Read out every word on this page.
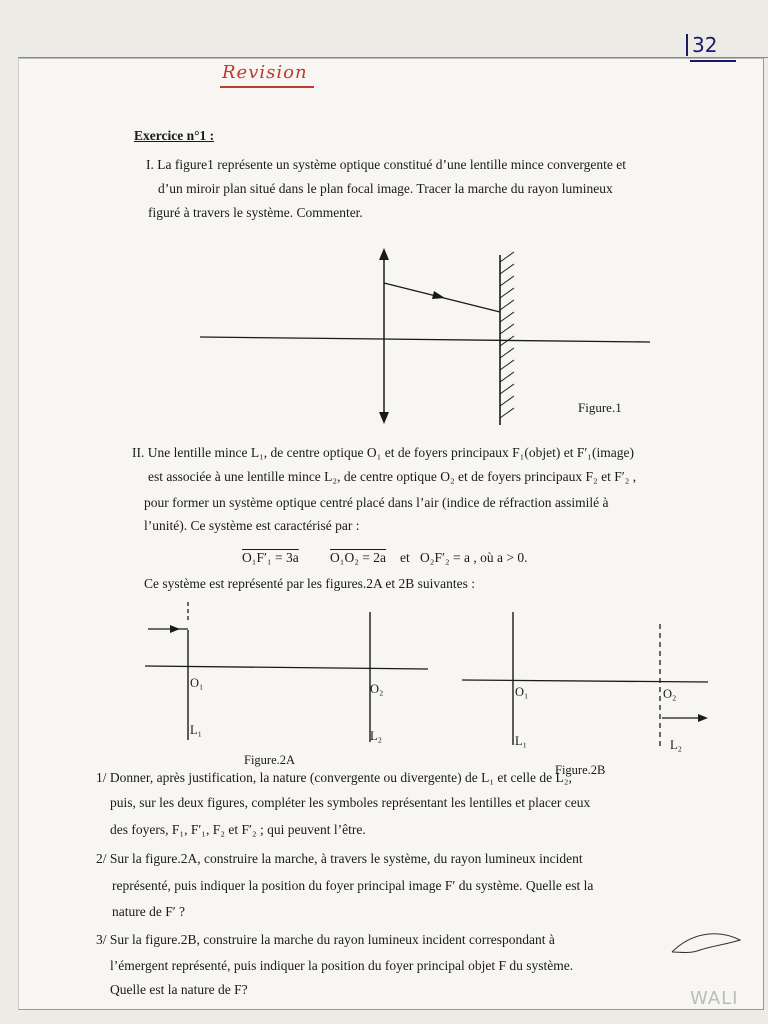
32
Revision
Exercice n°1 :
I. La figure1 représente un système optique constitué d’une lentille mince convergente et
d’un miroir plan situé dans le plan focal image. Tracer la marche du rayon lumineux
figuré à travers le système. Commenter.
Figure.1
II. Une lentille mince L₁, de centre optique O₁ et de foyers principaux F₁(objet) et F′₁(image)
est associée à une lentille mince L₂, de centre optique O₂ et de foyers principaux F₂ et F′₂ ,
pour former un système optique centré placé dans l’air (indice de réfraction assimilé à
l’unité). Ce système est caractérisé par :
O₁F′₁ = 3a O₁O₂ = 2a et O₂F′₂ = a , où a > 0.
Ce système est représenté par les figures.2A et 2B suivantes :
O₁	O₂
L₁	L₂
Figure.2A
O₁	O₂
L₁	L₂
Figure.2B
1/ Donner, après justification, la nature (convergente ou divergente) de L₁ et celle de L₂,
puis, sur les deux figures, compléter les symboles représentant les lentilles et placer ceux
des foyers, F₁, F′₁, F₂ et F′₂ ; qui peuvent l’être.
2/ Sur la figure.2A, construire la marche, à travers le système, du rayon lumineux incident
représenté, puis indiquer la position du foyer principal image F′ du système. Quelle est la
nature de F′ ?
3/ Sur la figure.2B, construire la marche du rayon lumineux incident correspondant à
l’émergent représenté, puis indiquer la position du foyer principal objet F du système.
Quelle est la nature de F?	WALI
